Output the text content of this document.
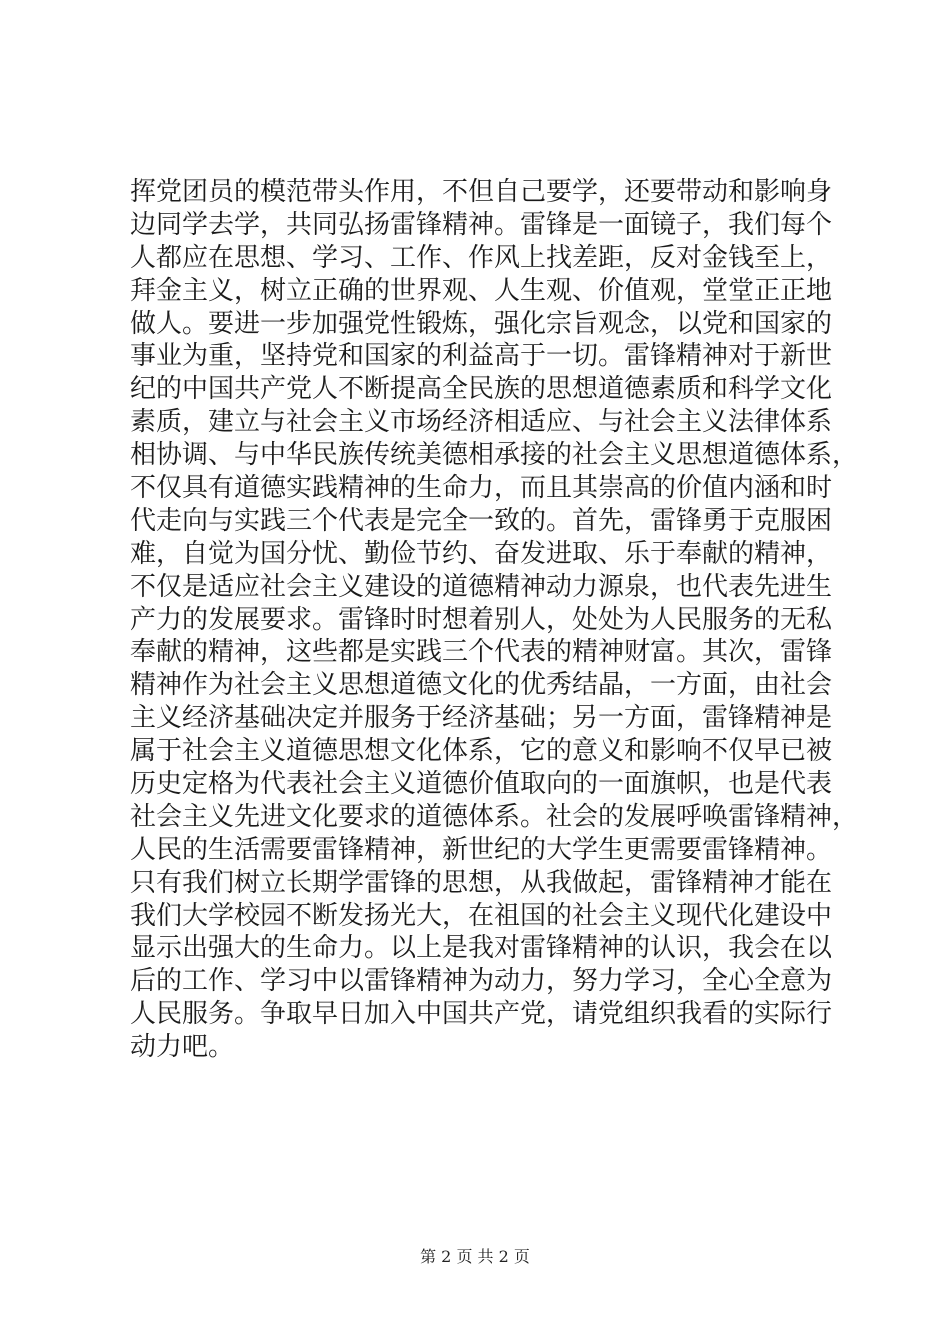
挥党团员的模范带头作用，不但自己要学，还要带动和影响身
边同学去学，共同弘扬雷锋精神。雷锋是一面镜子，我们每个
人都应在思想、学习、工作、作风上找差距，反对金钱至上，
拜金主义，树立正确的世界观、人生观、价值观，堂堂正正地
做人。要进一步加强党性锻炼，强化宗旨观念，以党和国家的
事业为重，坚持党和国家的利益高于一切。雷锋精神对于新世
纪的中国共产党人不断提高全民族的思想道德素质和科学文化
素质，建立与社会主义市场经济相适应、与社会主义法律体系
相协调、与中华民族传统美德相承接的社会主义思想道德体系，
不仅具有道德实践精神的生命力，而且其崇高的价值内涵和时
代走向与实践三个代表是完全一致的。首先，雷锋勇于克服困
难，自觉为国分忧、勤俭节约、奋发进取、乐于奉献的精神，
不仅是适应社会主义建设的道德精神动力源泉，也代表先进生
产力的发展要求。雷锋时时想着别人，处处为人民服务的无私
奉献的精神，这些都是实践三个代表的精神财富。其次，雷锋
精神作为社会主义思想道德文化的优秀结晶，一方面，由社会
主义经济基础决定并服务于经济基础；另一方面，雷锋精神是
属于社会主义道德思想文化体系，它的意义和影响不仅早已被
历史定格为代表社会主义道德价值取向的一面旗帜，也是代表
社会主义先进文化要求的道德体系。社会的发展呼唤雷锋精神，
人民的生活需要雷锋精神，新世纪的大学生更需要雷锋精神。
只有我们树立长期学雷锋的思想，从我做起，雷锋精神才能在
我们大学校园不断发扬光大，在祖国的社会主义现代化建设中
显示出强大的生命力。以上是我对雷锋精神的认识，我会在以
后的工作、学习中以雷锋精神为动力，努力学习，全心全意为
人民服务。争取早日加入中国共产党，请党组织我看的实际行
动力吧。
第 2 页 共 2 页
